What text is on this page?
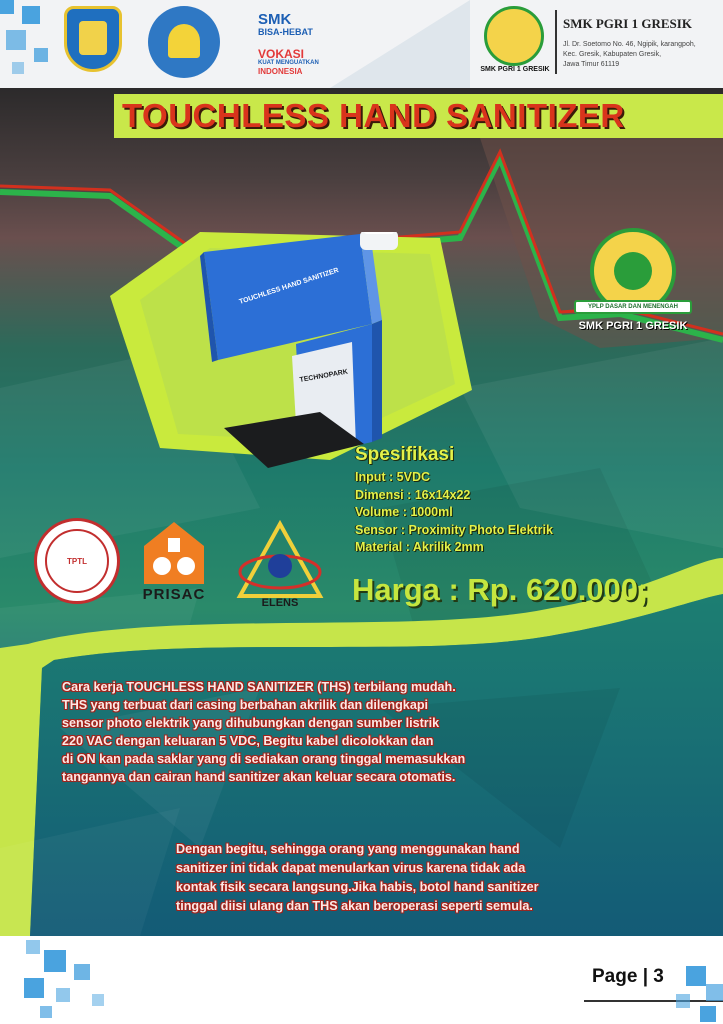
SMK
BISA-HEBAT
VOKASI
KUAT MENGUATKAN
INDONESIA	SMK PGRI 1 GRESIK
SMK PGRI 1 GRESIK
Jl. Dr. Soetomo No. 46, Ngipik, karangpoh,
Kec. Gresik, Kabupaten Gresik,
Jawa Timur 61119
TOUCHLESS HAND SANITIZER
TOUCHLESS HAND SANITIZER
TECHNOPARK
YPLP DASAR DAN MENENGAH
SMK PGRI 1 GRESIK
Spesifikasi
Input : 5VDC
Dimensi : 16x14x22
Volume : 1000ml
Sensor : Proximity Photo Elektrik
Material : Akrilik 2mm
TPTL
PRISAC	ELENS Harga : Rp. 620.000;
Cara kerja TOUCHLESS HAND SANITIZER (THS) terbilang mudah.
THS yang terbuat dari casing berbahan akrilik dan dilengkapi
sensor photo elektrik yang dihubungkan dengan sumber listrik
220 VAC dengan keluaran 5 VDC, Begitu kabel dicolokkan dan
di ON kan pada saklar yang di sediakan orang tinggal memasukkan
tangannya dan cairan hand sanitizer akan keluar secara otomatis.
Dengan begitu, sehingga orang yang menggunakan hand
sanitizer ini tidak dapat menularkan virus karena tidak ada
kontak fisik secara langsung.Jika habis, botol hand sanitizer
tinggal diisi ulang dan THS akan beroperasi seperti semula.
Page | 3
